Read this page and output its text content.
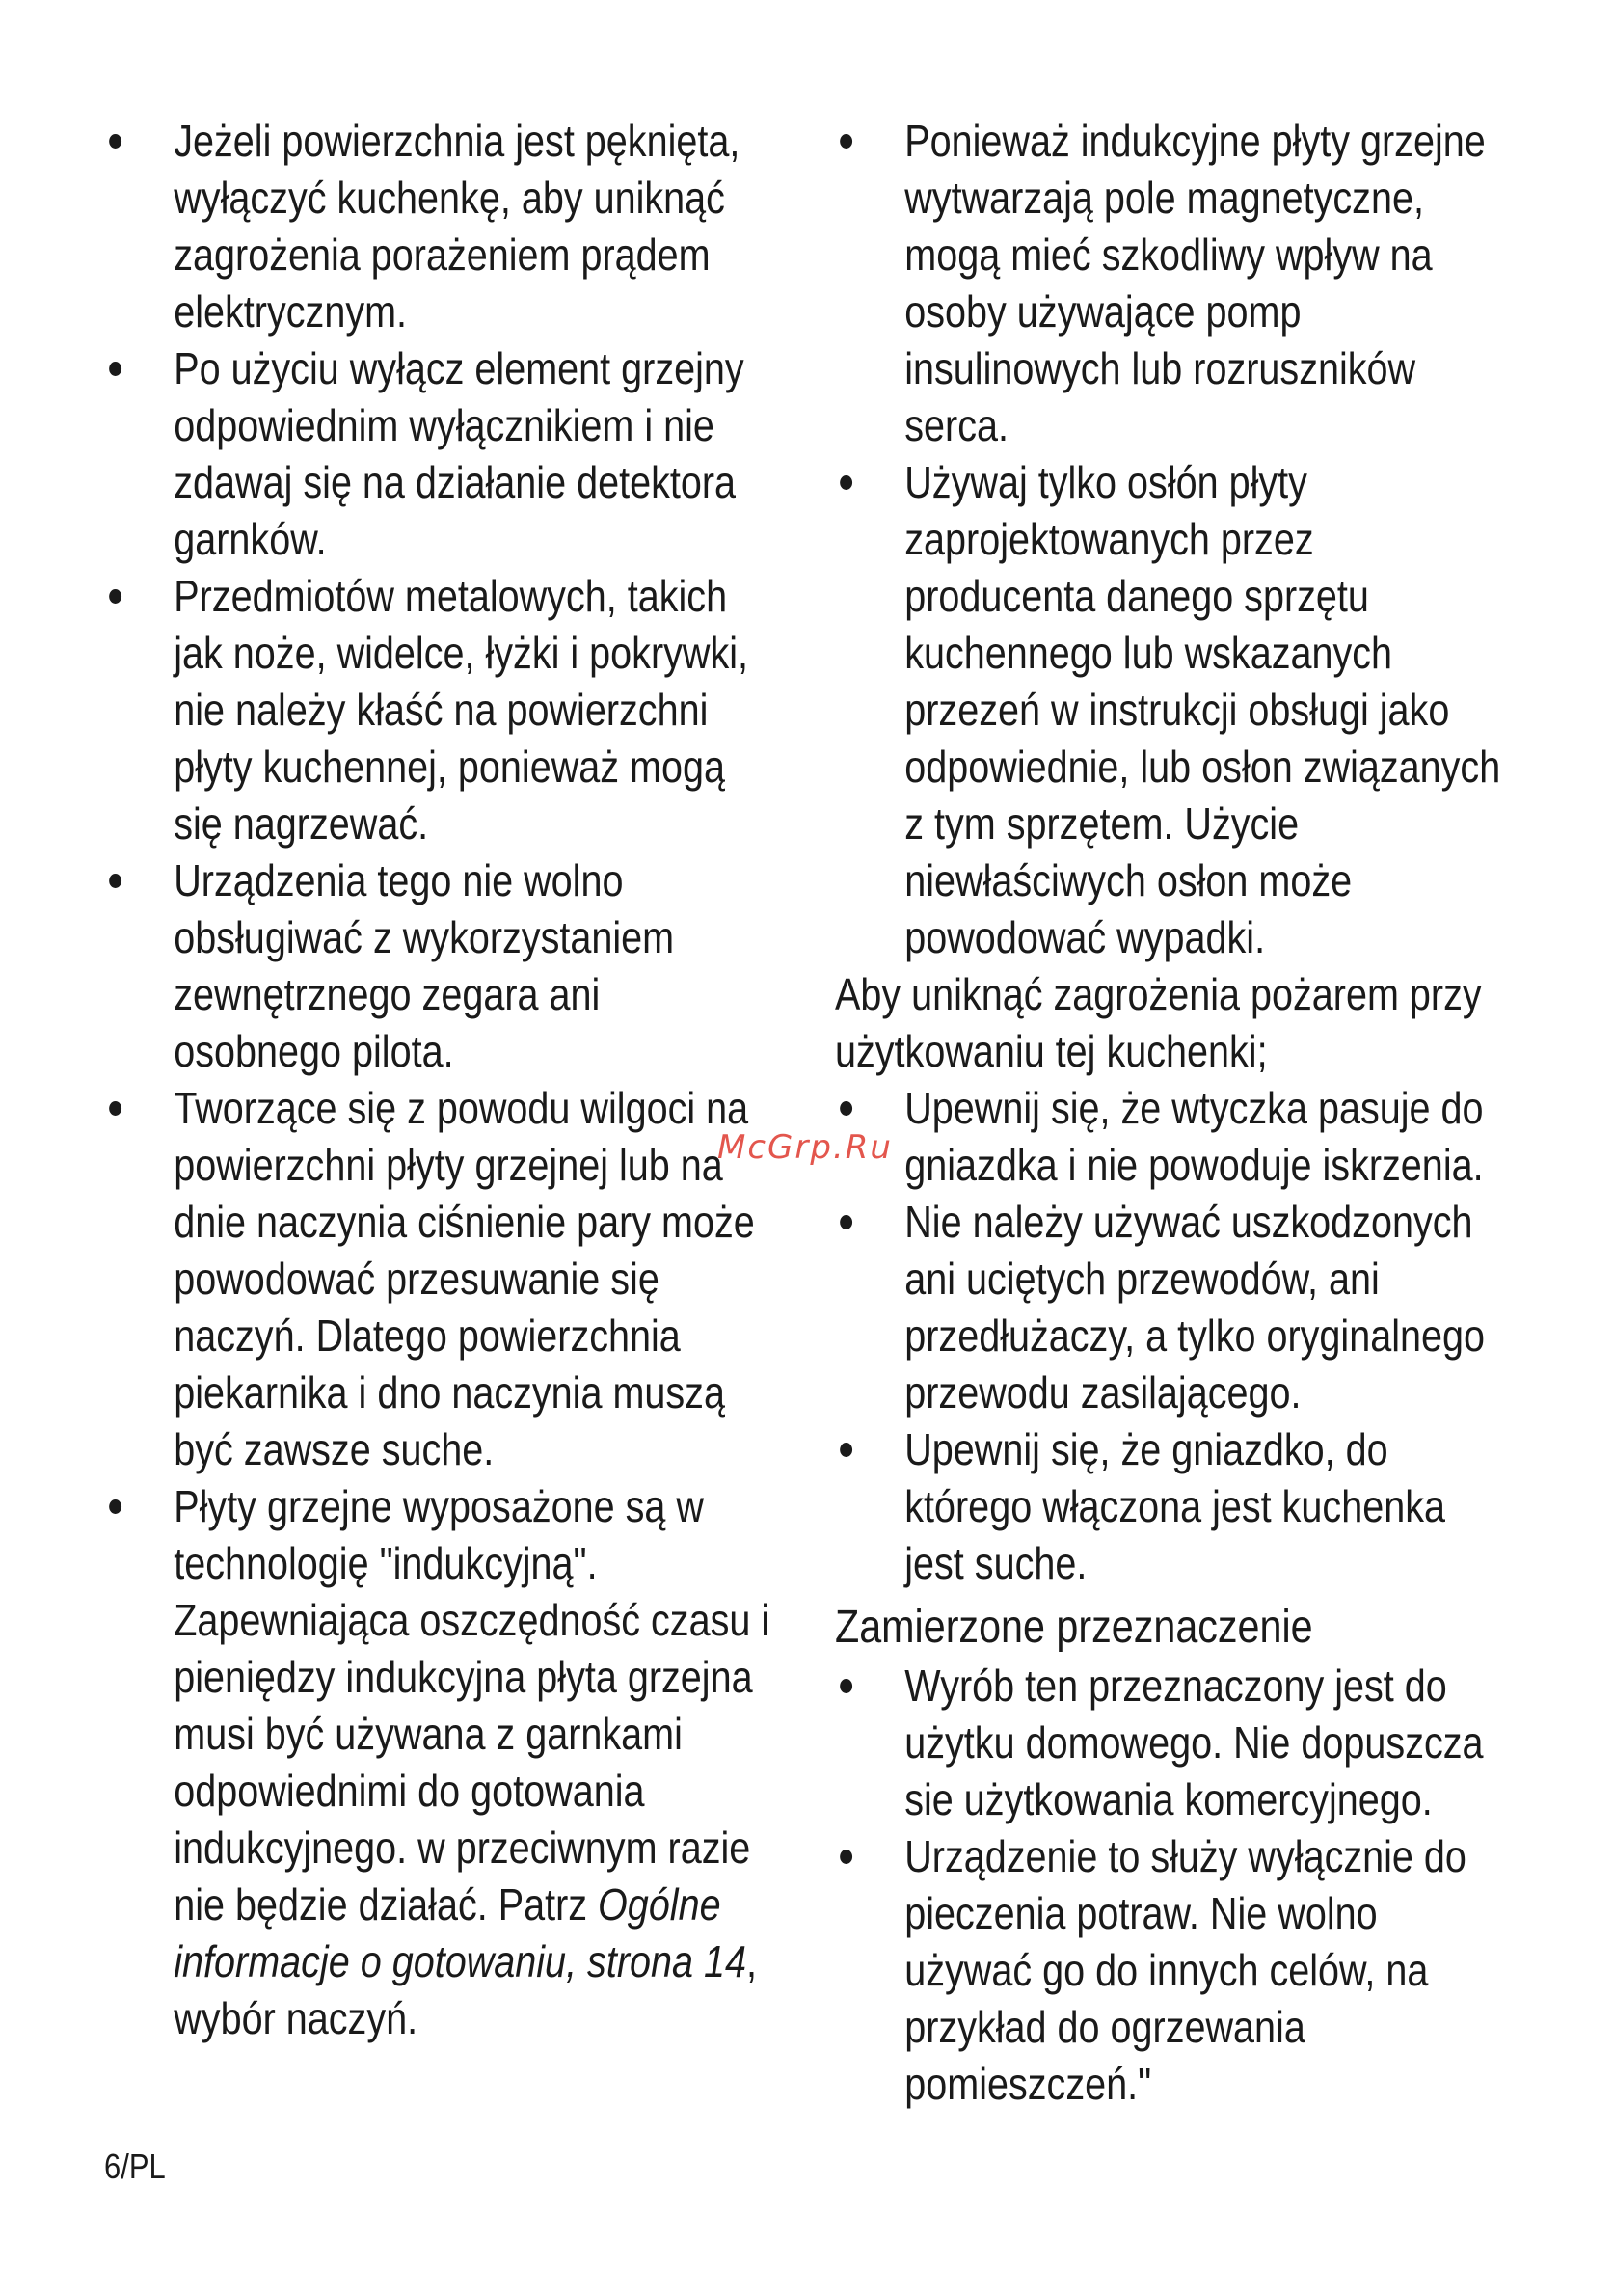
Jeżeli powierzchnia jest pęknięta, wyłączyć kuchenkę, aby uniknąć zagrożenia porażeniem prądem elektrycznym.
Po użyciu wyłącz element grzejny odpowiednim wyłącznikiem i nie zdawaj się na działanie detektora garnków.
Przedmiotów metalowych, takich jak noże, widelce, łyżki i pokrywki, nie należy kłaść na powierzchni płyty kuchennej, ponieważ mogą się nagrzewać.
Urządzenia tego nie wolno obsługiwać z wykorzystaniem zewnętrznego zegara ani osobnego pilota.
Tworzące się z powodu wilgoci na powierzchni płyty grzejnej lub na dnie naczynia ciśnienie pary może powodować przesuwanie się naczyń. Dlatego powierzchnia piekarnika i dno naczynia muszą być zawsze suche.
Płyty grzejne wyposażone są w technologię "indukcyjną". Zapewniająca oszczędność czasu i pieniędzy indukcyjna płyta grzejna musi być używana z garnkami odpowiednimi do gotowania indukcyjnego. w przeciwnym razie nie będzie działać. Patrz Ogólne informacje o gotowaniu, strona 14, wybór naczyń.
Ponieważ indukcyjne płyty grzejne wytwarzają pole magnetyczne, mogą mieć szkodliwy wpływ na osoby używające pomp insulinowych lub rozruszników serca.
Używaj tylko osłón płyty zaprojektowanych przez producenta danego sprzętu kuchennego lub wskazanych przezeń w instrukcji obsługi jako odpowiednie, lub osłon związanych z tym sprzętem. Użycie niewłaściwych osłon może powodować wypadki.

Aby uniknąć zagrożenia pożarem przy użytkowaniu tej kuchenki;

Upewnij się, że wtyczka pasuje do gniazdka i nie powoduje iskrzenia.
Nie należy używać uszkodzonych ani uciętych przewodów, ani przedłużaczy, a tylko oryginalnego przewodu zasilającego.
Upewnij się, że gniazdko, do którego włączona jest kuchenka jest suche.
Zamierzone przeznaczenie
Wyrób ten przeznaczony jest do użytku domowego. Nie dopuszcza sie użytkowania komercyjnego.
Urządzenie to służy wyłącznie do pieczenia potraw. Nie wolno używać go do innych celów, na przykład do ogrzewania pomieszczeń."
McGrp.Ru
6/PL
